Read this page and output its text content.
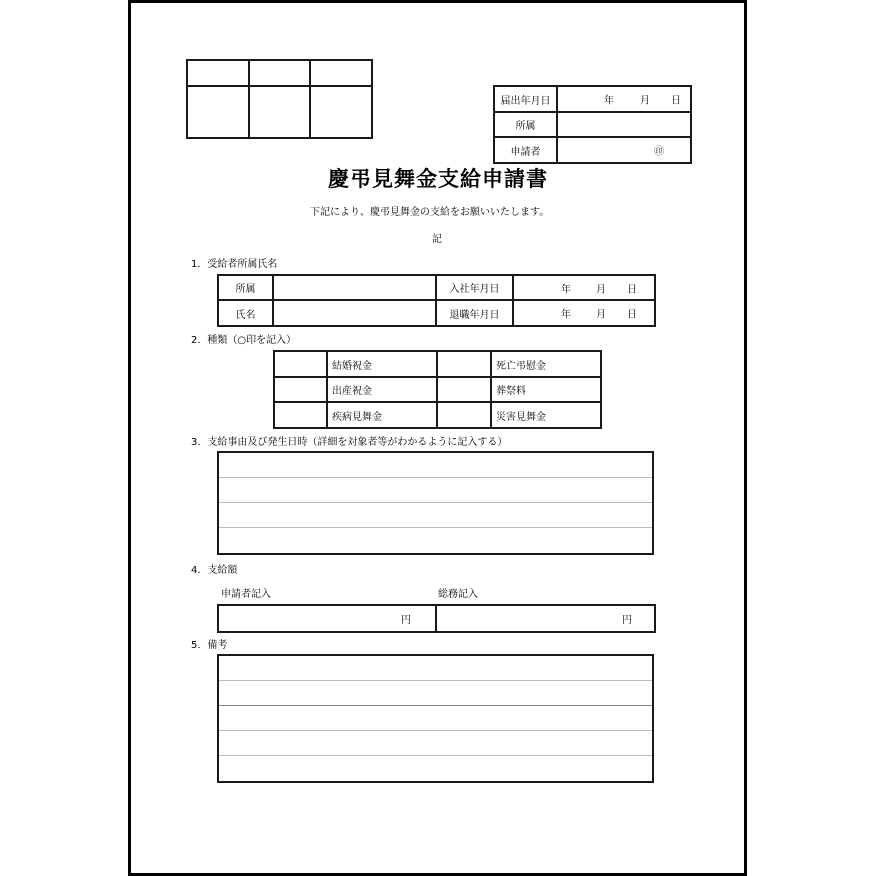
届出年月日	年 月 日

所属	
申請者	㊞
慶弔見舞金支給申請書
下記により、慶弔見舞金の支給をお願いいたします。
記
1．受給者所属氏名
所属		入社年月日	年 月 日

氏名		退職年月日	年 月 日
2．種類（○印を記入）
	結婚祝金		死亡弔慰金
	出産祝金		葬祭料
	疾病見舞金		災害見舞金
3．支給事由及び発生日時（詳細を対象者等がわかるように記入する）
4．支給額
申請者記入	総務記入
円	円
5．備考
